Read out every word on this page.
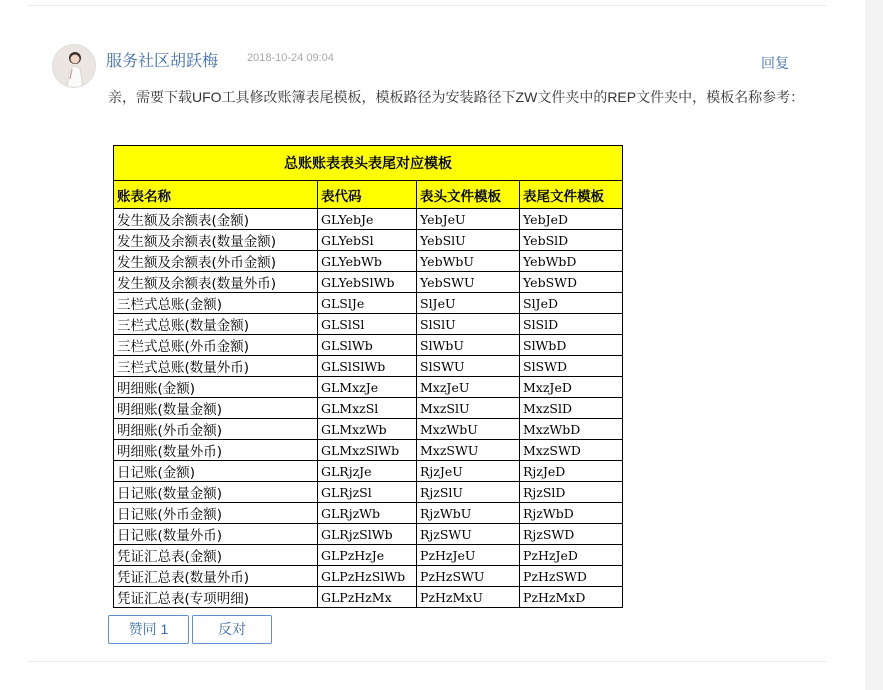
服务社区胡跃梅	2018-10-24 09:04	回复
亲，需要下载UFO工具修改账簿表尾模板，模板路径为安装路径下ZW文件夹中的REP文件夹中，模板名称参考：
总账账表表头表尾对应模板			
账表名称	表代码	表头文件模板	表尾文件模板
发生额及余额表(金额)	GLYebJe	YebJeU	YebJeD
发生额及余额表(数量金额)	GLYebSl	YebSlU	YebSlD
发生额及余额表(外币金额)	GLYebWb	YebWbU	YebWbD
发生额及余额表(数量外币)	GLYebSlWb	YebSWU	YebSWD
三栏式总账(金额)	GLSlJe	SlJeU	SlJeD
三栏式总账(数量金额)	GLSlSl	SlSlU	SlSlD
三栏式总账(外币金额)	GLSlWb	SlWbU	SlWbD
三栏式总账(数量外币)	GLSlSlWb	SlSWU	SlSWD
明细账(金额)	GLMxzJe	MxzJeU	MxzJeD
明细账(数量金额)	GLMxzSl	MxzSlU	MxzSlD
明细账(外币金额)	GLMxzWb	MxzWbU	MxzWbD
明细账(数量外币)	GLMxzSlWb	MxzSWU	MxzSWD
日记账(金额)	GLRjzJe	RjzJeU	RjzJeD
日记账(数量金额)	GLRjzSl	RjzSlU	RjzSlD
日记账(外币金额)	GLRjzWb	RjzWbU	RjzWbD
日记账(数量外币)	GLRjzSlWb	RjzSWU	RjzSWD
凭证汇总表(金额)	GLPzHzJe	PzHzJeU	PzHzJeD
凭证汇总表(数量外币)	GLPzHzSlWb	PzHzSWU	PzHzSWD
凭证汇总表(专项明细)	GLPzHzMx	PzHzMxU	PzHzMxD
赞同 1	反对
